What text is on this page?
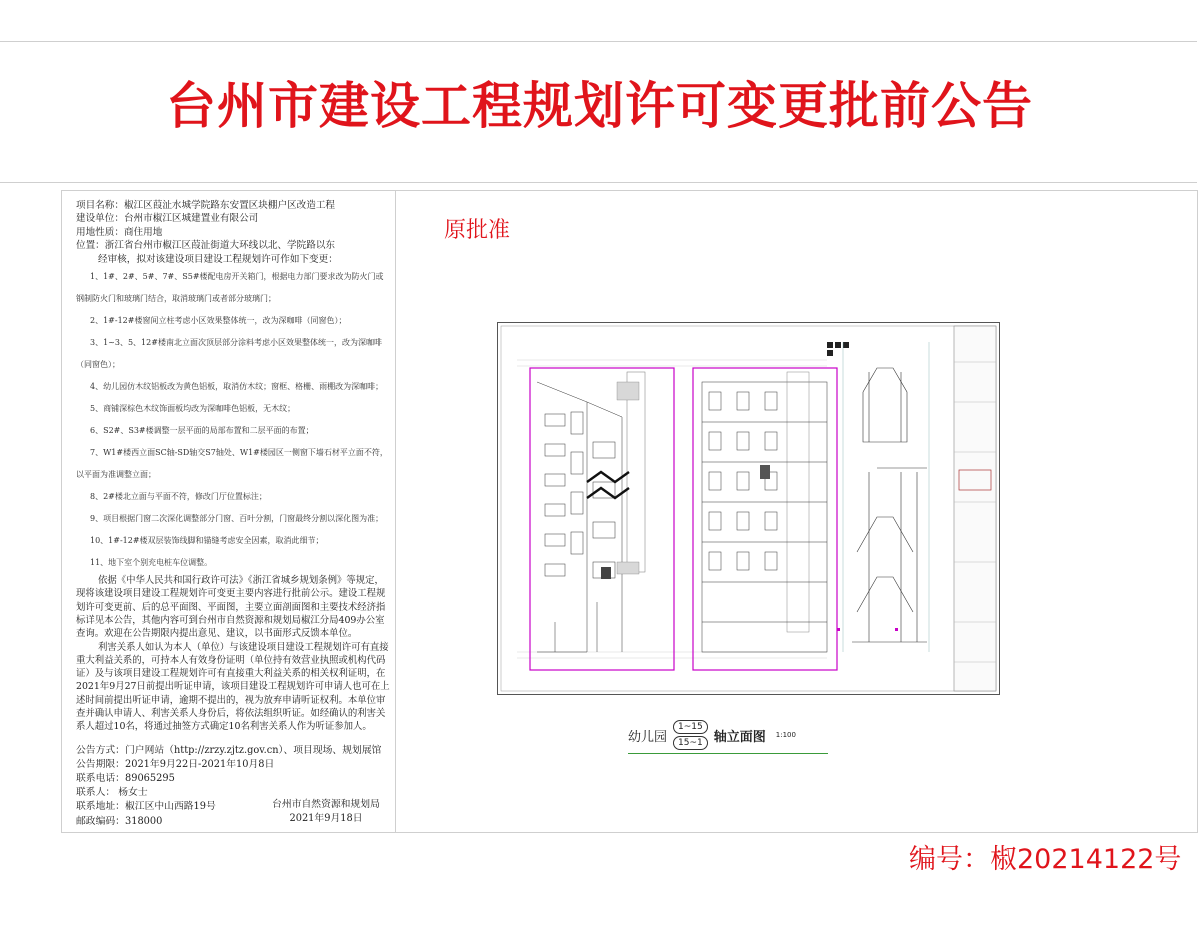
台州市建设工程规划许可变更批前公告

项目名称：椒江区葭沚水城学院路东安置区块棚户区改造工程

建设单位：台州市椒江区城建置业有限公司

用地性质：商住用地

位置：浙江省台州市椒江区葭沚街道大环线以北、学院路以东

经审核，拟对该建设项目建设工程规划许可作如下变更：

1、1#、2#、5#、7#、S5#楼配电房开关箱门，根据电力部门要求改为防火门或钢制防火门和玻璃门结合，取消玻璃门或者部分玻璃门；
2、1#-12#楼窗间立柱考虑小区效果整体统一，改为深咖啡（同窗色）；
3、1~3、5、12#楼南北立面次顶层部分涂料考虑小区效果整体统一，改为深咖啡（同窗色）；
4、幼儿园仿木纹铝板改为黄色铝板，取消仿木纹；窗框、格栅、雨棚改为深咖啡；
5、商铺深棕色木纹饰面板均改为深咖啡色铝板，无木纹；
6、S2#、S3#楼调整一层平面的局部布置和二层平面的布置；
7、W1#楼西立面SC轴-SD轴交S7轴处、W1#楼园区一侧窗下墙石材平立面不符，以平面为准调整立面；
8、2#楼北立面与平面不符，修改门厅位置标注；
9、项目根据门窗二次深化调整部分门窗、百叶分割，门窗最终分割以深化图为准；
10、1#-12#楼双层装饰线脚和锚缝考虑安全因素，取消此细节；
11、地下室个别充电桩车位调整。

依据《中华人民共和国行政许可法》《浙江省城乡规划条例》等规定，现将该建设项目建设工程规划许可变更主要内容进行批前公示。建设工程规划许可变更前、后的总平面图、平面图，主要立面剖面图和主要技术经济指标详见本公告，其他内容可到台州市自然资源和规划局椒江分局409办公室查询。欢迎在公告期限内提出意见、建议，以书面形式反馈本单位。

利害关系人如认为本人（单位）与该建设项目建设工程规划许可有直接重大利益关系的，可持本人有效身份证明（单位持有效营业执照或机构代码证）及与该项目建设工程规划许可有直接重大利益关系的相关权利证明，在2021年9月27日前提出听证申请，该项目建设工程规划许可申请人也可在上述时间前提出听证申请，逾期不提出的，视为放弃申请听证权利。本单位审查并确认申请人、利害关系人身份后，将依法组织听证。如经确认的利害关系人超过10名，将通过抽签方式确定10名利害关系人作为听证参加人。

公告方式：门户网站（http://zrzy.zjtz.gov.cn）、项目现场、规划展馆
公告期限：2021年9月22日-2021年10月8日
联系电话：89065295
联系人： 杨女士
联系地址：椒江区中山西路19号
邮政编码：318000
台州市自然资源和规划局
2021年9月18日
原批准
幼儿园
1~15
15~1 轴立面图 1:100
编号：椒20214122号
